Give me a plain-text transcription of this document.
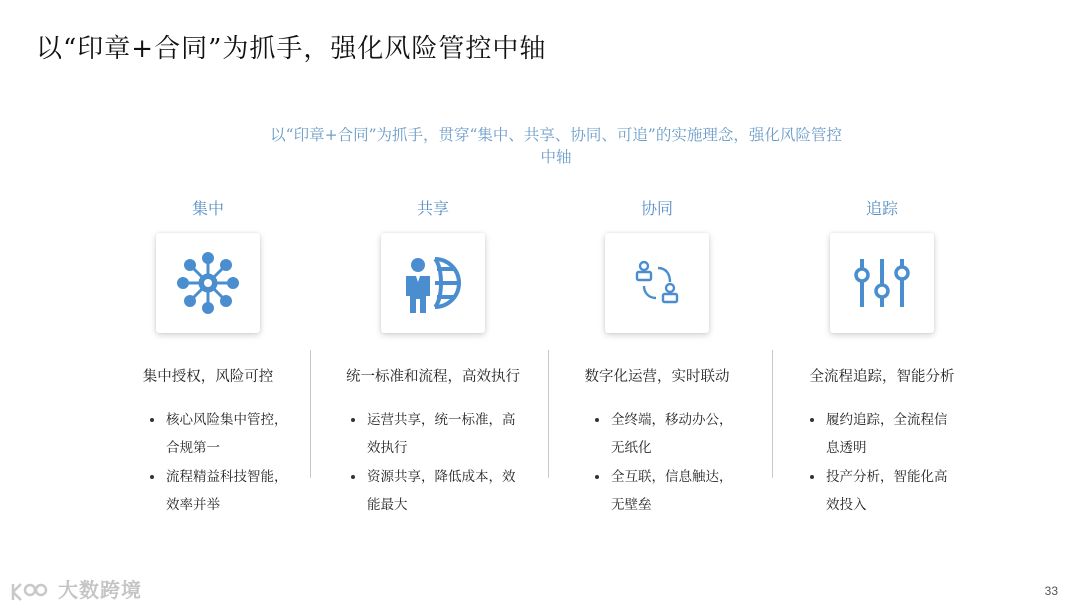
以“印章+合同”为抓手，强化风险管控中轴
以“印章+合同”为抓手，贯穿“集中、共享、协同、可追”的实施理念，强化风险管控
中轴
集中
集中授权，风险可控
核心风险集中管控，
合规第一
流程精益科技智能，
效率并举
共享
统一标准和流程，高效执行
运营共享，统一标准，高
效执行
资源共享，降低成本，效
能最大
协同
数字化运营，实时联动
全终端，移动办公，
无纸化
全互联，信息触达，
无壁垒
追踪
全流程追踪，智能分析
履约追踪，全流程信
息透明
投产分析，智能化高
效投入
大数跨境	33
